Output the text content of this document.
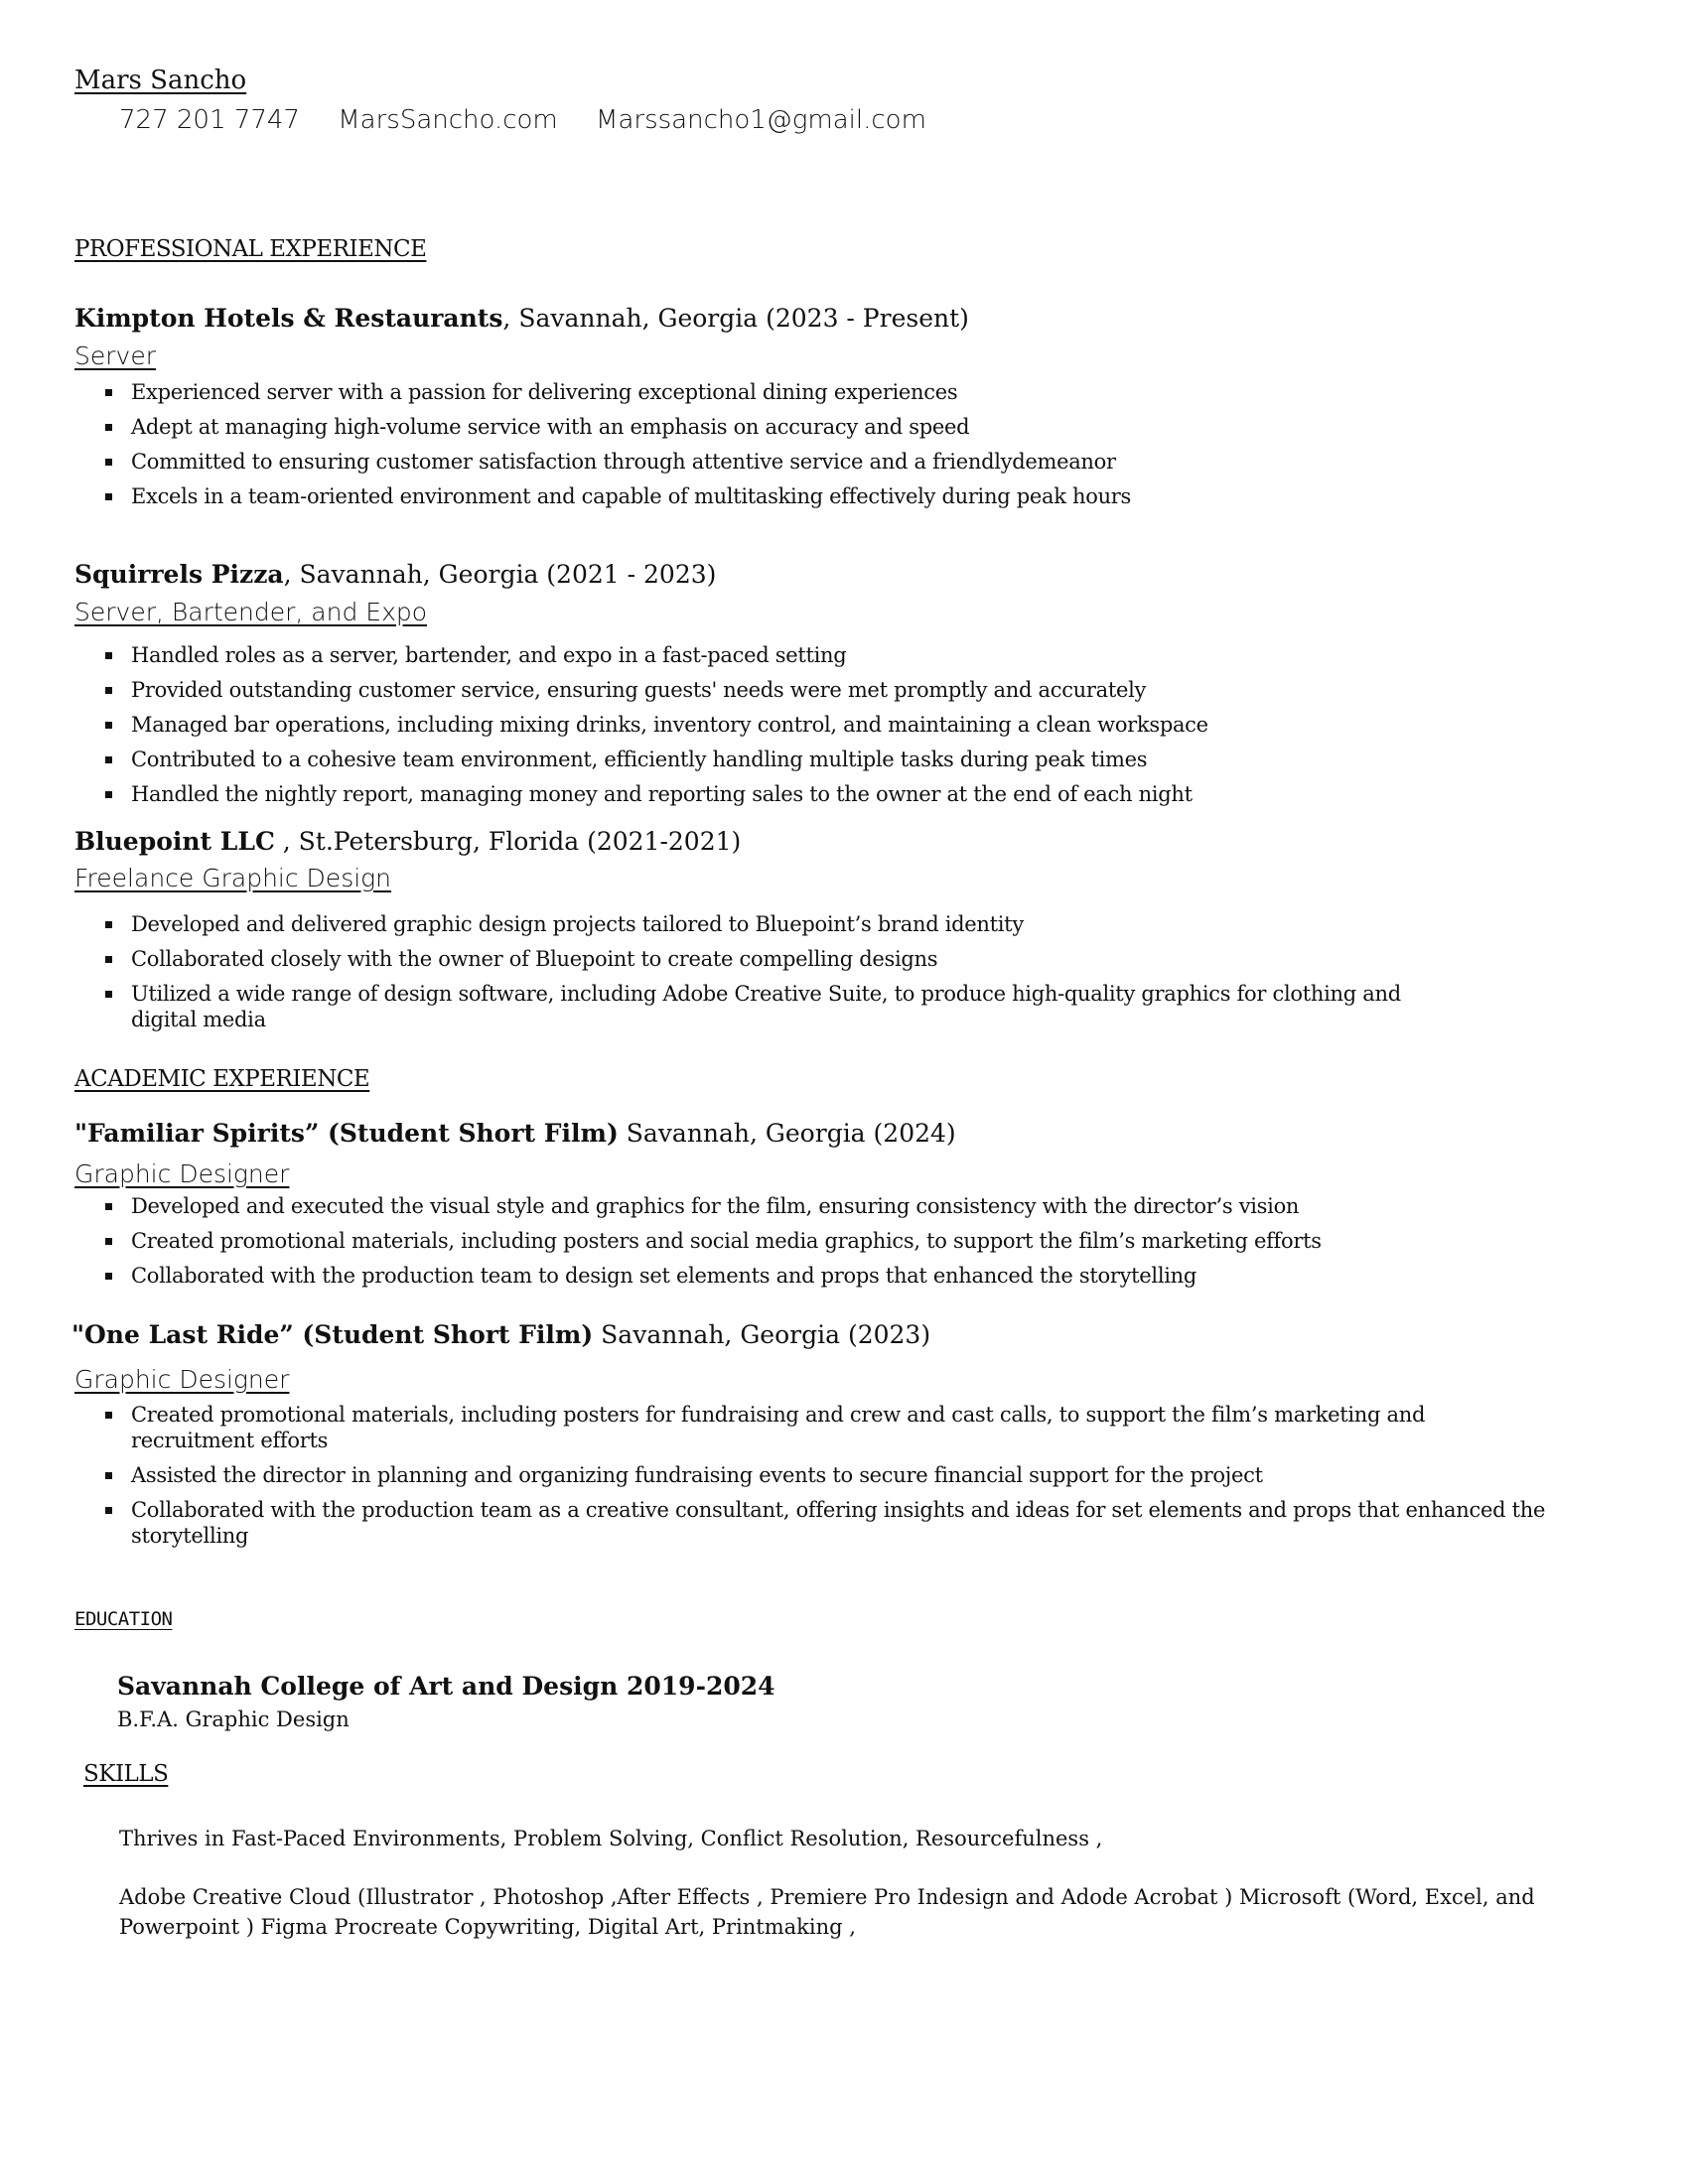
Mars Sancho
727 201 7747 MarsSancho.com Marssancho1@gmail.com
PROFESSIONAL EXPERIENCE
Kimpton Hotels & Restaurants, Savannah, Georgia (2023 - Present)
Server
Experienced server with a passion for delivering exceptional dining experiences
Adept at managing high-volume service with an emphasis on accuracy and speed
Committed to ensuring customer satisfaction through attentive service and a friendlydemeanor
Excels in a team-oriented environment and capable of multitasking effectively during peak hours
Squirrels Pizza, Savannah, Georgia (2021 - 2023)
Server, Bartender, and Expo
Handled roles as a server, bartender, and expo in a fast-paced setting
Provided outstanding customer service, ensuring guests' needs were met promptly and accurately
Managed bar operations, including mixing drinks, inventory control, and maintaining a clean workspace
Contributed to a cohesive team environment, efficiently handling multiple tasks during peak times
Handled the nightly report, managing money and reporting sales to the owner at the end of each night
Bluepoint LLC , St.Petersburg, Florida (2021-2021)
Freelance Graphic Design
Developed and delivered graphic design projects tailored to Bluepoint’s brand identity
Collaborated closely with the owner of Bluepoint to create compelling designs
Utilized a wide range of design software, including Adobe Creative Suite, to produce high-quality graphics for clothing and digital media
ACADEMIC EXPERIENCE
"Familiar Spirits” (Student Short Film) Savannah, Georgia (2024)
Graphic Designer
Developed and executed the visual style and graphics for the film, ensuring consistency with the director’s vision
Created promotional materials, including posters and social media graphics, to support the film’s marketing efforts
Collaborated with the production team to design set elements and props that enhanced the storytelling
"One Last Ride” (Student Short Film) Savannah, Georgia (2023)
Graphic Designer
Created promotional materials, including posters for fundraising and crew and cast calls, to support the film’s marketing and recruitment efforts
Assisted the director in planning and organizing fundraising events to secure financial support for the project
Collaborated with the production team as a creative consultant, offering insights and ideas for set elements and props that enhanced the storytelling
EDUCATION
Savannah College of Art and Design 2019-2024
B.F.A. Graphic Design
SKILLS
Thrives in Fast-Paced Environments, Problem Solving, Conflict Resolution, Resourcefulness ,
Adobe Creative Cloud (Illustrator , Photoshop ,After Effects , Premiere Pro Indesign and Adode Acrobat ) Microsoft (Word, Excel, and Powerpoint ) Figma Procreate Copywriting, Digital Art, Printmaking ,
